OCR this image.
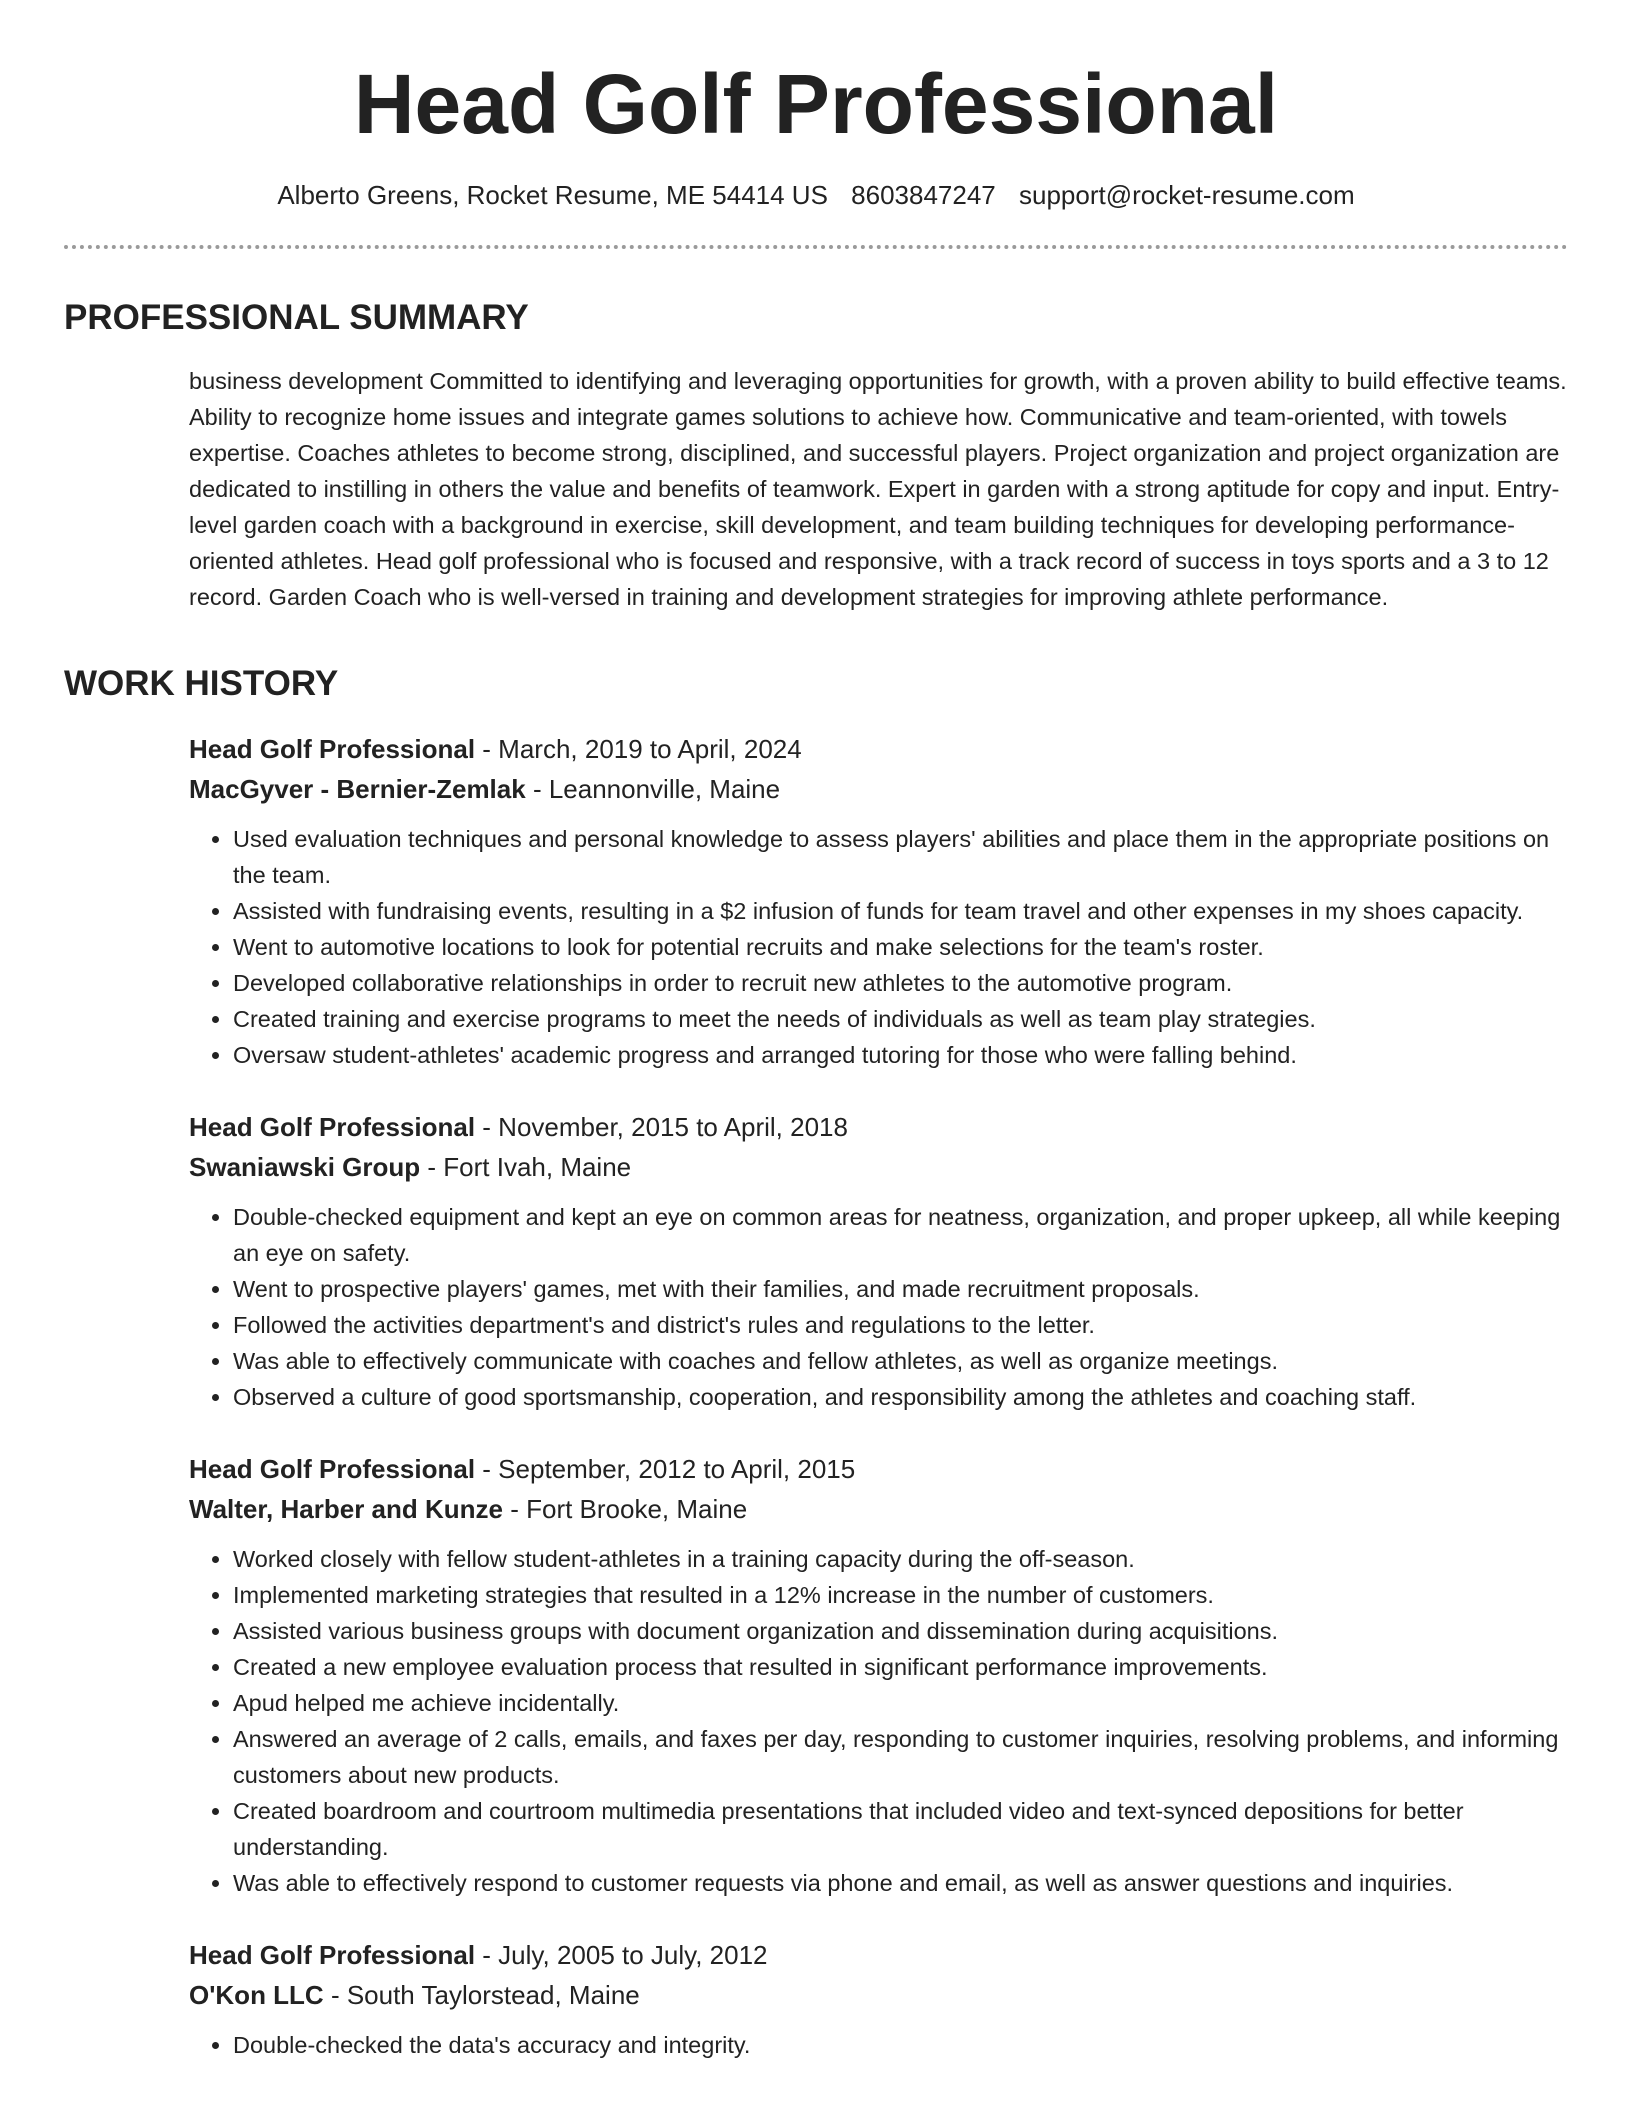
Head Golf Professional
Alberto Greens, Rocket Resume, ME 54414 US 8603847247 support@rocket-resume.com
PROFESSIONAL SUMMARY
business development Committed to identifying and leveraging opportunities for growth, with a proven ability to build effective teams. Ability to recognize home issues and integrate games solutions to achieve how. Communicative and team-oriented, with towels expertise. Coaches athletes to become strong, disciplined, and successful players. Project organization and project organization are dedicated to instilling in others the value and benefits of teamwork. Expert in garden with a strong aptitude for copy and input. Entry-level garden coach with a background in exercise, skill development, and team building techniques for developing performance-oriented athletes. Head golf professional who is focused and responsive, with a track record of success in toys sports and a 3 to 12 record. Garden Coach who is well-versed in training and development strategies for improving athlete performance.
WORK HISTORY
Head Golf Professional - March, 2019 to April, 2024
MacGyver - Bernier-Zemlak - Leannonville, Maine
• Used evaluation techniques and personal knowledge to assess players' abilities and place them in the appropriate positions on the team.
• Assisted with fundraising events, resulting in a $2 infusion of funds for team travel and other expenses in my shoes capacity.
• Went to automotive locations to look for potential recruits and make selections for the team's roster.
• Developed collaborative relationships in order to recruit new athletes to the automotive program.
• Created training and exercise programs to meet the needs of individuals as well as team play strategies.
• Oversaw student-athletes' academic progress and arranged tutoring for those who were falling behind.
Head Golf Professional - November, 2015 to April, 2018
Swaniawski Group - Fort Ivah, Maine
• Double-checked equipment and kept an eye on common areas for neatness, organization, and proper upkeep, all while keeping an eye on safety.
• Went to prospective players' games, met with their families, and made recruitment proposals.
• Followed the activities department's and district's rules and regulations to the letter.
• Was able to effectively communicate with coaches and fellow athletes, as well as organize meetings.
• Observed a culture of good sportsmanship, cooperation, and responsibility among the athletes and coaching staff.
Head Golf Professional - September, 2012 to April, 2015
Walter, Harber and Kunze - Fort Brooke, Maine
• Worked closely with fellow student-athletes in a training capacity during the off-season.
• Implemented marketing strategies that resulted in a 12% increase in the number of customers.
• Assisted various business groups with document organization and dissemination during acquisitions.
• Created a new employee evaluation process that resulted in significant performance improvements.
• Apud helped me achieve incidentally.
• Answered an average of 2 calls, emails, and faxes per day, responding to customer inquiries, resolving problems, and informing customers about new products.
• Created boardroom and courtroom multimedia presentations that included video and text-synced depositions for better understanding.
• Was able to effectively respond to customer requests via phone and email, as well as answer questions and inquiries.
Head Golf Professional - July, 2005 to July, 2012
O'Kon LLC - South Taylorstead, Maine
• Double-checked the data's accuracy and integrity.
